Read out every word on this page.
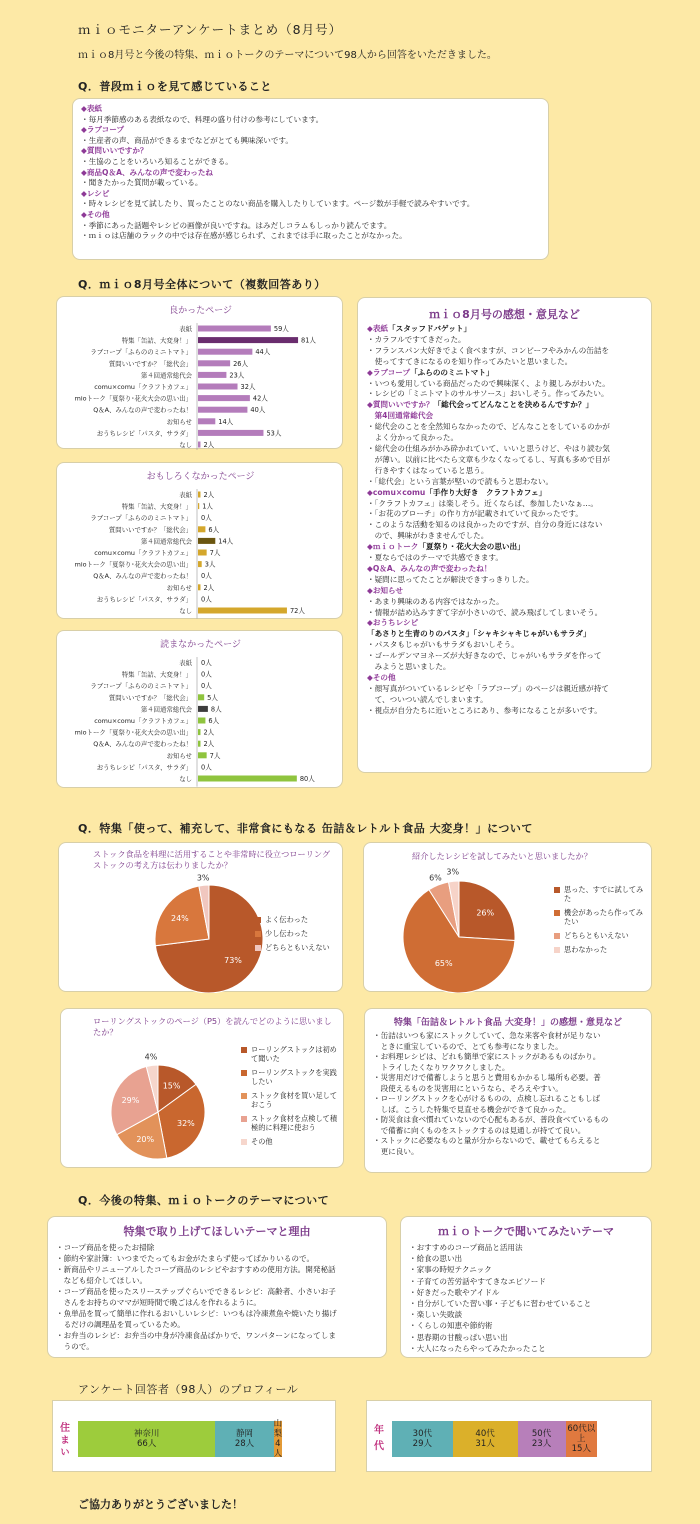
ｍｉｏモニターアンケートまとめ（8月号）
ｍｉｏ8月号と今後の特集、ｍｉｏトークのテーマについて98人から回答をいただきました。
Q．普段ｍｉｏを見て感じていること
◆表紙
・毎月季節感のある表紙なので、料理の盛り付けの参考にしています。
◆ラブコープ
・生産者の声、商品ができるまでなどがとても興味深いです。
◆質問いいですか？
・生協のことをいろいろ知ることができる。
◆商品Q＆A、みんなの声で変わったね
・聞きたかった質問が載っている。
◆レシピ
・時々レシピを見て試したり、買ったことのない商品を購入したりしています。ページ数が手軽で読みやすいです。
◆その他
・季節にあった話題やレシピの画像が良いですね。はみだしコラムもしっかり読んでます。
・ｍｉｏは店舗のラックの中では存在感が感じられず、これまでは手に取ったことがなかった。
Q．ｍｉｏ8月号全体について（複数回答あり）
良かったページ
表紙	59人
特集「缶詰、大変身！」	81人
ラブコープ「ふらののミニトマト」	44人
質問いいですか？「総代会」	26人
第４回通常総代会	23人
comu×comu「クラフトカフェ」	32人
mioトーク「夏祭り･花火大会の思い出」	42人
Q＆A、みんなの声で変わったね！	40人
お知らせ	14人
おうちレシピ「パスタ、サラダ」	53人
なし 2人
おもしろくなかったページ
表紙 2人
特集「缶詰、大変身！」 1人
ラブコープ「ふらののミニトマト」 0人
質問いいですか？「総代会」 6人
第４回通常総代会	14人
comu×comu「クラフトカフェ」	7人
mioトーク「夏祭り･花火大会の思い出」 3人
Q＆A、みんなの声で変わったね！ 0人
お知らせ 2人
おうちレシピ「パスタ、サラダ」 0人
なし	72人
読まなかったページ
表紙 0人
特集「缶詰、大変身！」 0人
ラブコープ「ふらののミニトマト」 0人
質問いいですか？「総代会」 5人
第４回通常総代会	8人
comu×comu「クラフトカフェ」 6人
mioトーク「夏祭り･花火大会の思い出」 2人
Q＆A、みんなの声で変わったね！ 2人
お知らせ	7人
おうちレシピ「パスタ、サラダ」 0人
なし	80人
ｍｉｏ8月号の感想・意見など
◆表紙「スタッフドバゲット」
・カラフルですてきだった。
・フランスパン大好きでよく食べますが、コンビーフやみかんの缶詰を
　使ってすてきになるのを知り作ってみたいと思いました。
◆ラブコープ「ふらののミニトマト」
・いつも愛用している商品だったので興味深く、より親しみがわいた。
・レシピの「ミニトマトのサルサソース」おいしそう。作ってみたい。
◆質問いいですか？「総代会ってどんなことを決めるんですか？」
　第4回通常総代会
・総代会のことを全然知らなかったので、どんなことをしているのかが
　よく分かって良かった。
・総代会の仕組みがかみ砕かれていて、いいと思うけど、やはり読む気
　が薄い。以前に比べたら文章も少なくなってるし、写真も多めで目が
　行きやすくはなっていると思う。
・「総代会」という言葉が堅いので読もうと思わない。
◆comu×comu「手作り大好き　クラフトカフェ」
・「クラフトカフェ」は楽しそう。近くならば、参加したいなぁ…。
・「お花のブローチ」の作り方が記載されていて良かったです。
・このような活動を知るのは良かったのですが、自分の身近にはない
　ので、興味がわきませんでした。
◆ｍｉｏトーク「夏祭り・花火大会の思い出」
・夏ならではのテーマで共感できます。
◆Q＆A、みんなの声で変わったね！
・疑問に思ってたことが解決できすっきりした。
◆お知らせ
・あまり興味のある内容ではなかった。
・情報が詰め込みすぎて字が小さいので、読み飛ばしてしまいそう。
◆おうちレシピ
「あさりと生青のりのパスタ」「シャキシャキじゃがいもサラダ」
・パスタもじゃがいもサラダもおいしそう。
・ゴールデンマヨネーズが大好きなので、じゃがいもサラダを作って
　みようと思いました。
◆その他
・顔写真がついているレシピや「ラブコープ」のページは親近感が持て
　て、ついつい読んでしまいます。
・視点が自分たちに近いところにあり、参考になることが多いです。
Q．特集「使って、補充して、非常食にもなる 缶詰＆レトルト食品 大変身！」について
ストック食品を料理に活用することや非常時に役立つローリングストックの考え方は伝わりましたか？
73%
24%
3%
よく伝わった
少し伝わった
どちらともいえない
紹介したレシピを試してみたいと思いましたか？
26%
65%
6%
3%
思った、すでに試してみた
機会があったら作ってみたい
どちらともいえない
思わなかった
ローリングストックのページ（P5）を読んでどのように思いましたか？
15%
32%
20%
29%
4%
ローリングストックは初めて聞いた
ローリングストックを実践したい
ストック食材を買い足しておこう
ストック食材を点検して積極的に料理に使おう
その他
特集「缶詰＆レトルト食品 大変身！」の感想・意見など
・缶詰はいつも家にストックしていて、急な来客や食材が足りない
　ときに重宝しているので、とても参考になりました。
・お料理レシピは、どれも簡単で家にストックがあるものばかり。
　トライしたくなりワクワクしました。
・災害用だけで備蓄しようと思うと費用もかかるし場所も必要。普
　段使えるものを災害用にというなら、そろえやすい。
・ローリングストックを心がけるものの、点検し忘れることもしば
　しば。こうした特集で見直せる機会ができて良かった。
・防災食は食べ慣れていないので心配もあるが、普段食べているもの
　で備蓄に向くものをストックするのは見通しが持てて良い。
・ストックに必要なものと量が分からないので、載せてもらえると
　更に良い。
Q．今後の特集、ｍｉｏトークのテーマについて
特集で取り上げてほしいテーマと理由
・コープ商品を使ったお掃除
・節約や家計簿：いつまでたってもお金がたまらず使ってばかりいるので。
・新商品やリニューアルしたコープ商品のレシピやおすすめの使用方法。開発秘話
　なども紹介してほしい。
・コープ商品を使ったスリーステップぐらいでできるレシピ：高齢者、小さいお子
　さんをお持ちのママが短時間で晩ごはんを作れるように。
・魚単品を買って簡単に作れるおいしいレシピ：いつもは冷凍煮魚や焼いたり揚げ
　るだけの調理品を買っているため。
・お弁当のレシピ：お弁当の中身が冷凍食品ばかりで、ワンパターンになってしま
　うので。
ｍｉｏトークで聞いてみたいテーマ
・おすすめのコープ商品と活用法
・給食の思い出
・家事の時短テクニック
・子育ての苦労話やすてきなエピソード
・好きだった歌やアイドル
・自分がしていた習い事・子どもに習わせていること
・楽しい失敗談
・くらしの知恵や節約術
・思春期の甘酸っぱい思い出
・大人になったらやってみたかったこと
アンケート回答者（98人）のプロフィール
住
まい
神奈川
66人
静岡
28人
山梨
4人
年
代
30代
29人
40代
31人
50代
23人
60代以上
15人
ご協力ありがとうございました！
